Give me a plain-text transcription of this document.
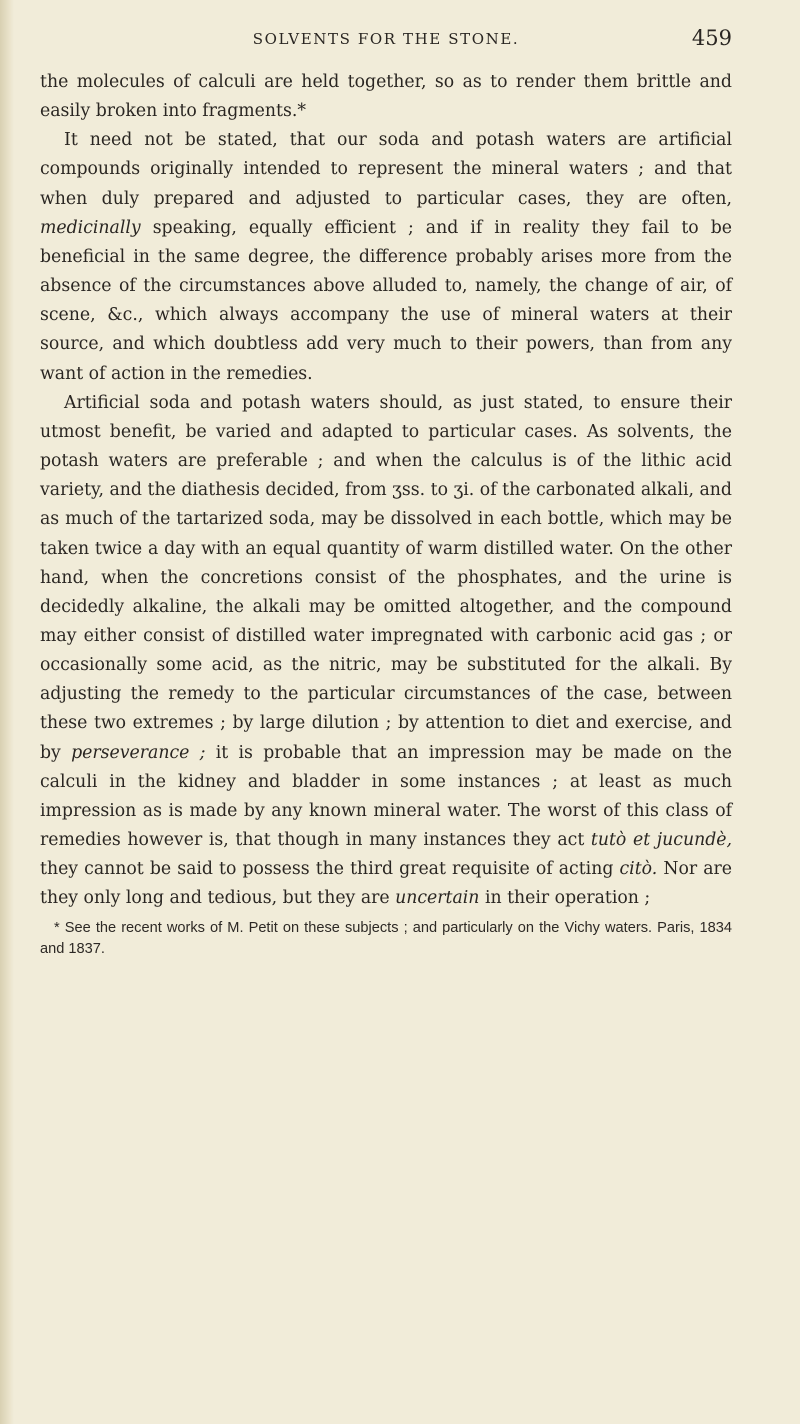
SOLVENTS FOR THE STONE.	459

the molecules of calculi are held together, so as to render them brittle and easily broken into fragments.*

It need not be stated, that our soda and potash waters are artificial compounds originally intended to represent the mineral waters ; and that when duly prepared and adjusted to particular cases, they are often, medicinally speaking, equally efficient ; and if in reality they fail to be beneficial in the same degree, the difference probably arises more from the absence of the circumstances above alluded to, namely, the change of air, of scene, &c., which always accompany the use of mineral waters at their source, and which doubtless add very much to their powers, than from any want of action in the remedies.

Artificial soda and potash waters should, as just stated, to ensure their utmost benefit, be varied and adapted to particular cases. As solvents, the potash waters are preferable ; and when the calculus is of the lithic acid variety, and the diathesis decided, from ʒss. to ʒi. of the carbonated alkali, and as much of the tartarized soda, may be dissolved in each bottle, which may be taken twice a day with an equal quantity of warm distilled water. On the other hand, when the concretions consist of the phosphates, and the urine is decidedly alkaline, the alkali may be omitted altogether, and the compound may either consist of distilled water impregnated with carbonic acid gas ; or occasionally some acid, as the nitric, may be substituted for the alkali. By adjusting the remedy to the particular circumstances of the case, between these two extremes ; by large dilution ; by attention to diet and exercise, and by perseverance ; it is probable that an impression may be made on the calculi in the kidney and bladder in some instances ; at least as much impression as is made by any known mineral water. The worst of this class of remedies however is, that though in many instances they act tutò et jucundè, they cannot be said to possess the third great requisite of acting citò. Nor are they only long and tedious, but they are uncertain in their operation ;

* See the recent works of M. Petit on these subjects ; and particularly on the Vichy waters. Paris, 1834 and 1837.
